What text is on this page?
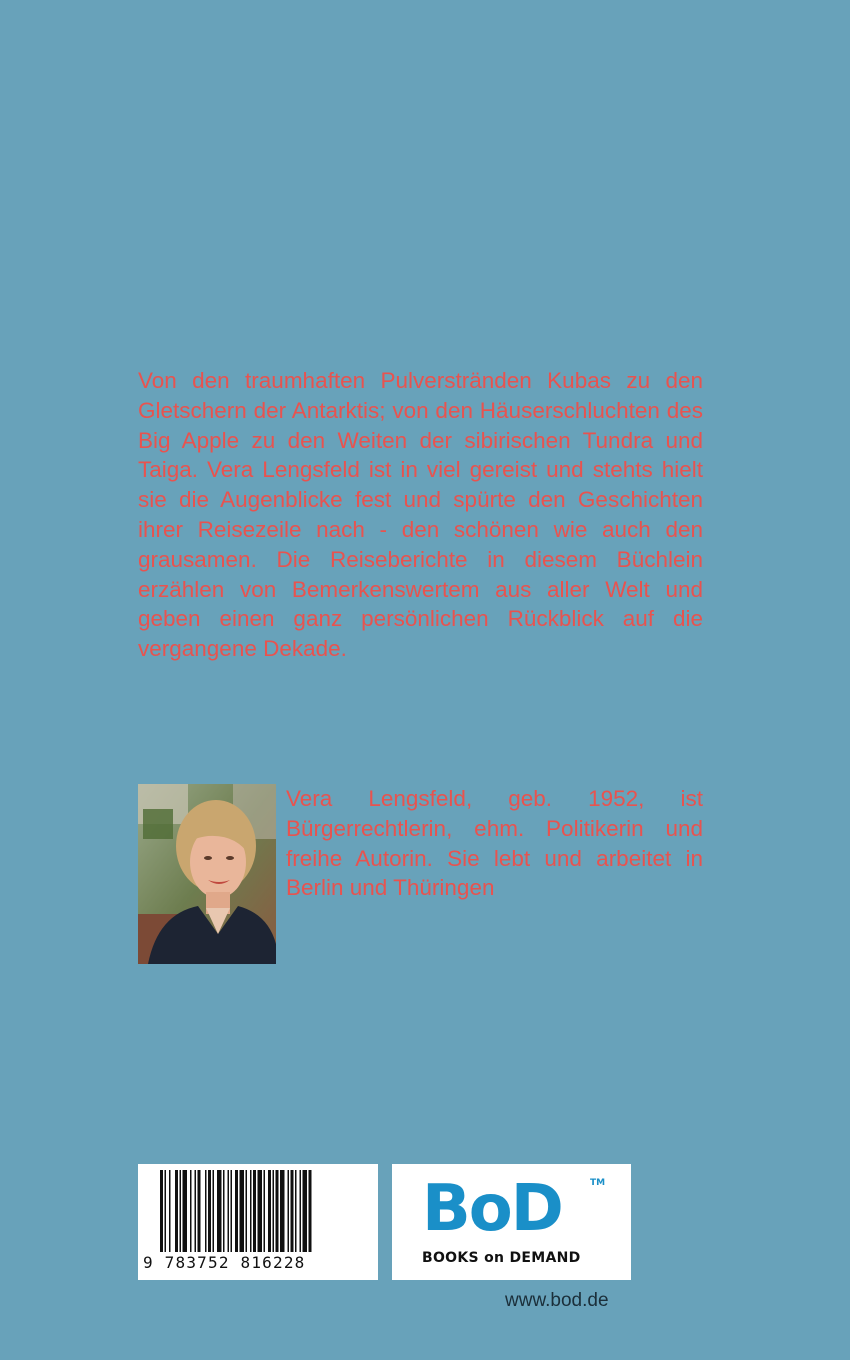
Von den traumhaften Pulverstränden Kubas zu den Gletschern der Antarktis; von den Häuserschluchten des Big Apple zu den Weiten der sibirischen Tundra und Taiga. Vera Lengsfeld ist in viel gereist und stehts hielt sie die Augenblicke fest und spürte den Geschichten ihrer Reisezeile nach - den schönen wie auch den grausamen. Die Reiseberichte in diesem Büchlein erzählen von Bemerkenswertem aus aller Welt und geben einen ganz persönlichen Rückblick auf die vergangene Dekade.

Vera Lengsfeld, geb. 1952, ist Bürgerrechtlerin, ehm. Politikerin und freihe Autorin. Sie lebt und arbeitet in Berlin und Thüringen

9 783752 816228
BoD	TM
BOOKS on DEMAND
www.bod.de
